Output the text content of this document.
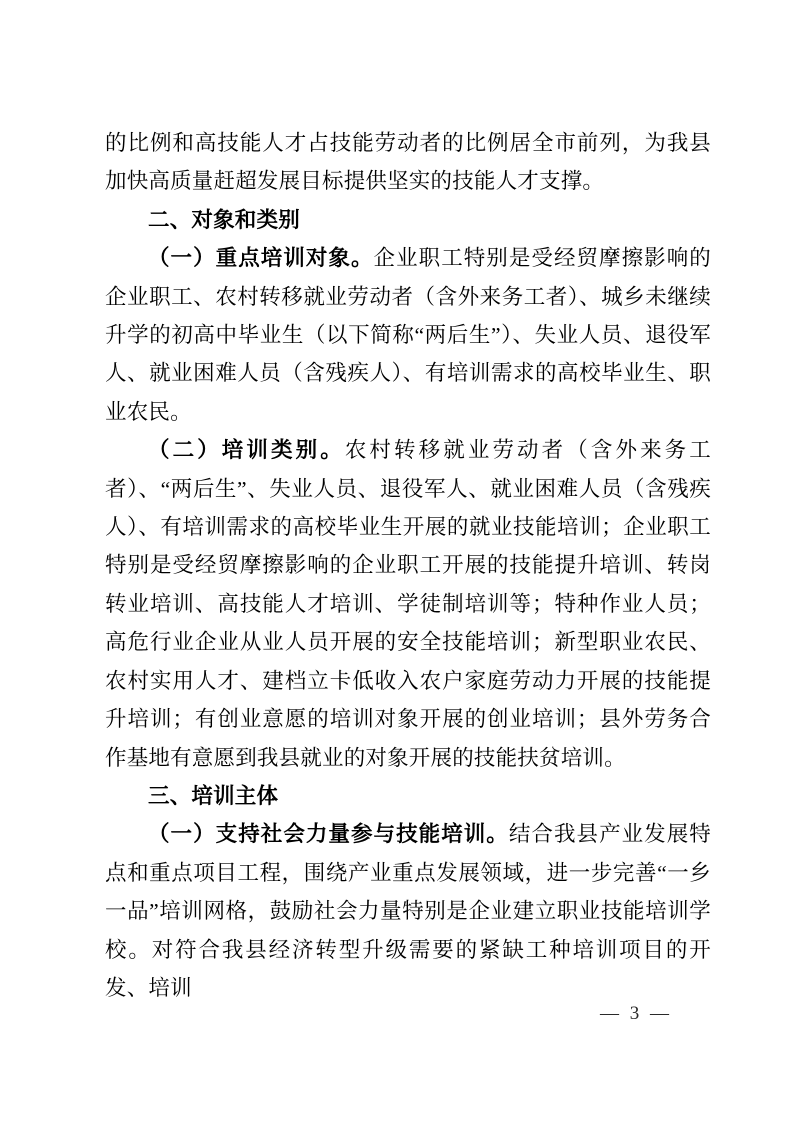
的比例和高技能人才占技能劳动者的比例居全市前列，为我县加快高质量赶超发展目标提供坚实的技能人才支撑。

二、对象和类别

（一）重点培训对象。企业职工特别是受经贸摩擦影响的企业职工、农村转移就业劳动者（含外来务工者）、城乡未继续升学的初高中毕业生（以下简称“两后生”）、失业人员、退役军人、就业困难人员（含残疾人）、有培训需求的高校毕业生、职业农民。

（二）培训类别。农村转移就业劳动者（含外来务工者）、“两后生”、失业人员、退役军人、就业困难人员（含残疾人）、有培训需求的高校毕业生开展的就业技能培训；企业职工特别是受经贸摩擦影响的企业职工开展的技能提升培训、转岗转业培训、高技能人才培训、学徒制培训等；特种作业人员；高危行业企业从业人员开展的安全技能培训；新型职业农民、农村实用人才、建档立卡低收入农户家庭劳动力开展的技能提升培训；有创业意愿的培训对象开展的创业培训；县外劳务合作基地有意愿到我县就业的对象开展的技能扶贫培训。

三、培训主体

（一）支持社会力量参与技能培训。结合我县产业发展特点和重点项目工程，围绕产业重点发展领域，进一步完善“一乡一品”培训网格，鼓励社会力量特别是企业建立职业技能培训学校。对符合我县经济转型升级需要的紧缺工种培训项目的开发、培训

— 3 —
